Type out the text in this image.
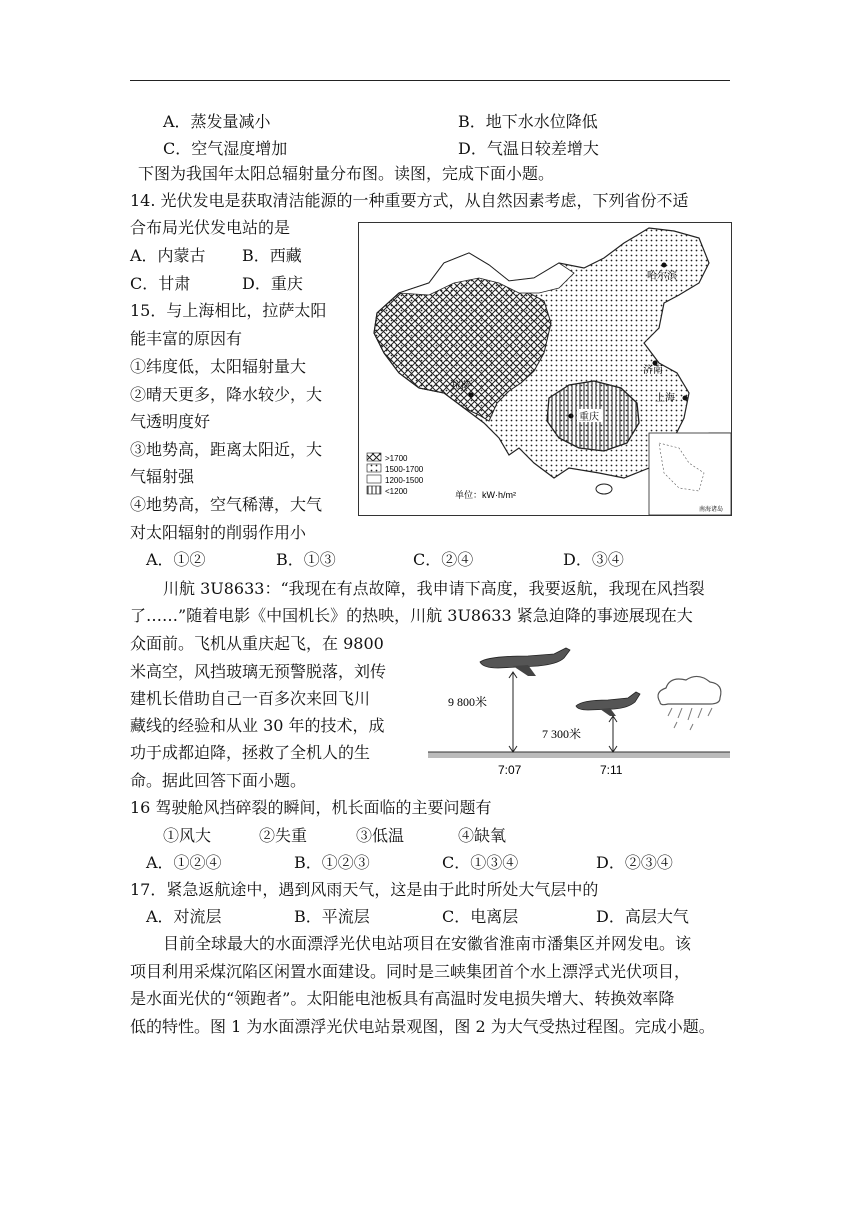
A．蒸发量减小	B．地下水水位降低
C．空气湿度增加	D．气温日较差增大
下图为我国年太阳总辐射量分布图。读图，完成下面小题。
14. 光伏发电是获取清洁能源的一种重要方式，从自然因素考虑，下列省份不适
合布局光伏发电站的是
A．内蒙古 B．西藏
C．甘肃	D．重庆
15．与上海相比，拉萨太阳
能丰富的原因有
①纬度低，太阳辐射量大
②晴天更多，降水较少，大
气透明度好
③地势高，距离太阳近，大
气辐射强
④地势高，空气稀薄，大气
对太阳辐射的削弱作用小
A．①②	B．①③	C．②④	D．③④
哈尔滨
济南
拉萨
上海
重庆
>1700
1500-1700
1200-1500
<1200	单位：kW·h/m²
南海诸岛
川航 3U8633：“我现在有点故障，我申请下高度，我要返航，我现在风挡裂
了……”随着电影《中国机长》的热映，川航 3U8633 紧急迫降的事迹展现在大
众面前。飞机从重庆起飞，在 9800
米高空，风挡玻璃无预警脱落，刘传
建机长借助自己一百多次来回飞川
藏线的经验和从业 30 年的技术，成
功于成都迫降，拯救了全机人的生
命。据此回答下面小题。
9 800米
7 300米
7:07	7:11
16 驾驶舱风挡碎裂的瞬间，机长面临的主要问题有
①风大	②失重	③低温	④缺氧
A．①②④	B．①②③	C．①③④	D．②③④
17．紧急返航途中，遇到风雨天气，这是由于此时所处大气层中的
A．对流层	B．平流层	C．电离层	D．高层大气
目前全球最大的水面漂浮光伏电站项目在安徽省淮南市潘集区并网发电。该
项目利用采煤沉陷区闲置水面建设。同时是三峡集团首个水上漂浮式光伏项目，
是水面光伏的“领跑者”。太阳能电池板具有高温时发电损失增大、转换效率降
低的特性。图 1 为水面漂浮光伏电站景观图，图 2 为大气受热过程图。完成小题。
